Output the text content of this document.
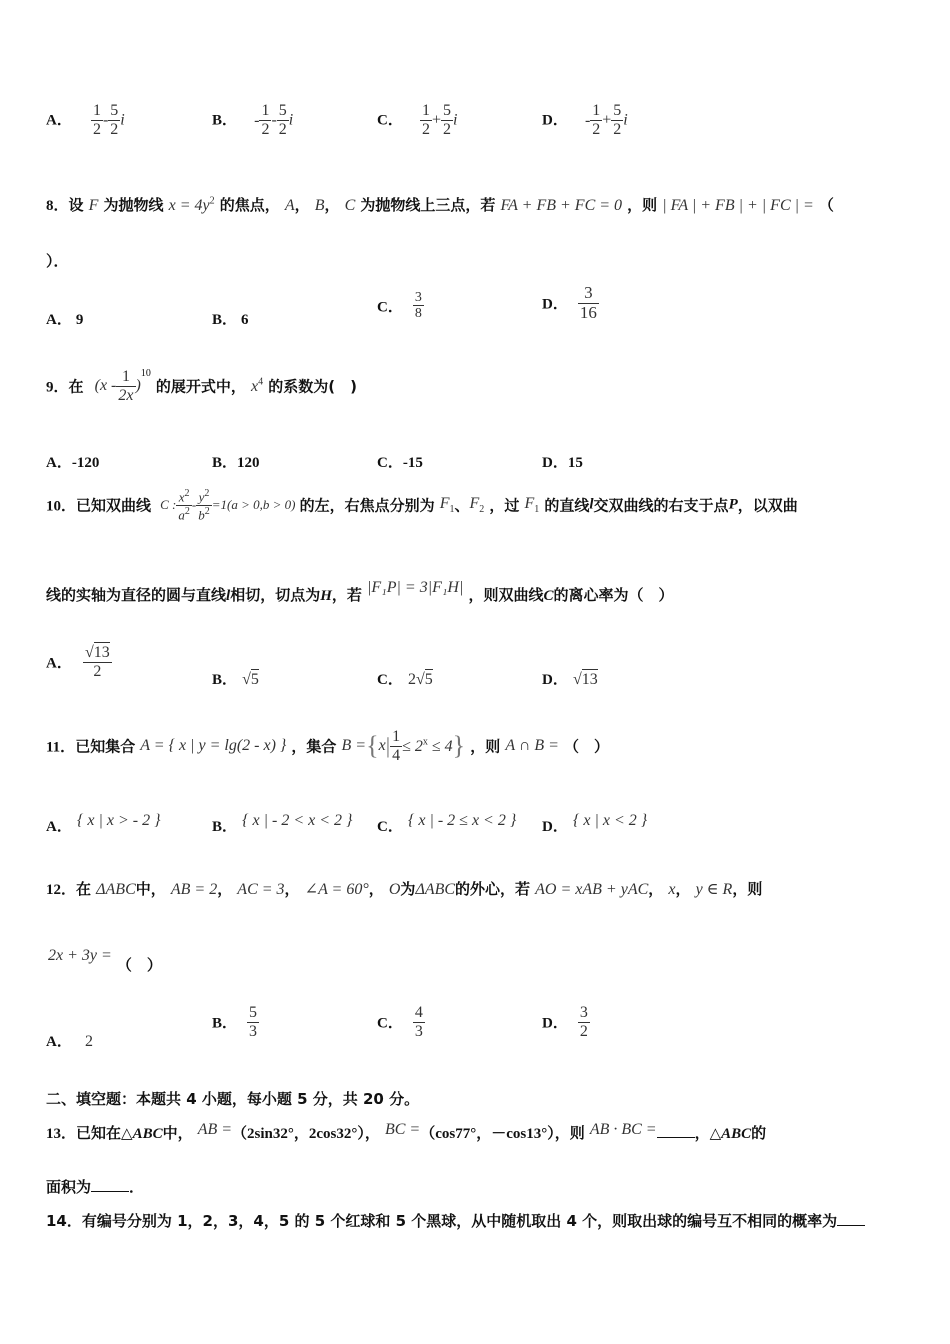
A． $\frac{1}{2} - \frac{5}{2}$ i	B． - $\frac{1}{2} - \frac{5}{2}$ i	C． $\frac{1}{2} + \frac{5}{2}$ i	D． - $\frac{1}{2} + \frac{5}{2}$ i
8．设 F 为抛物线 $x = 4y^2$ 的焦点， A， B， C 为抛物线上三点，若 FA + FB + FC = 0 ，则 | FA | + FB | + | FC | = （
）．
A． 9	B． 6
C． $\frac{3}{8}$	D． $\frac{3}{16}$
9．在 $(x - \frac{1}{2x} )^{10}$ 的展开式中， $x^4$ 的系数为(　)
A．-120	B．120	C．-15	D．15
10．已知双曲线 C : $\frac{x^2}{a^2} - \frac{y^2}{b^2} =1(a > 0,b > 0)$ 的左，右焦点分别为 $F_1$、$F_2$ ，过 $F_1$ 的直线l交双曲线的右支于点P，以双曲
线的实轴为直径的圆与直线l相切，切点为H，若 |F₁P| = 3|F₁H| ，则双曲线C的离心率为（　）
A． $\frac{√13}{2}$	B． √5	C． 2√5	D． √13
11．已知集合 A = { x | y = lg(2 - x) } ，集合 $B =\{x| \frac{1}{4} \le 2^x \le 4\}$ ，则 A ∩ B = （　）
A． { x | x > - 2 }	B． { x | - 2 < x < 2 } C． { x | - 2 ≤ x < 2 } D． { x | x < 2 }
12．在 ΔABC中， AB = 2， AC = 3， ∠A = 60°， O为ΔABC的外心，若 AO = xAB + yAC， x， y ∈ R，则
2x + 3y = （　）
A． 2
B． $\frac{5}{3}$	C． $\frac{4}{3}$	D． $\frac{3}{2}$
二、填空题：本题共 4 小题，每小题 5 分，共 20 分。
13．已知在△ABC中， AB =（2sin32°，2cos32°）， BC =（cos77°，－cos13°），则 AB · BC =	，△ABC的
面积为	．
14．有编号分别为 1，2，3，4，5 的 5 个红球和 5 个黑球，从中随机取出 4 个，则取出球的编号互不相同的概率为
